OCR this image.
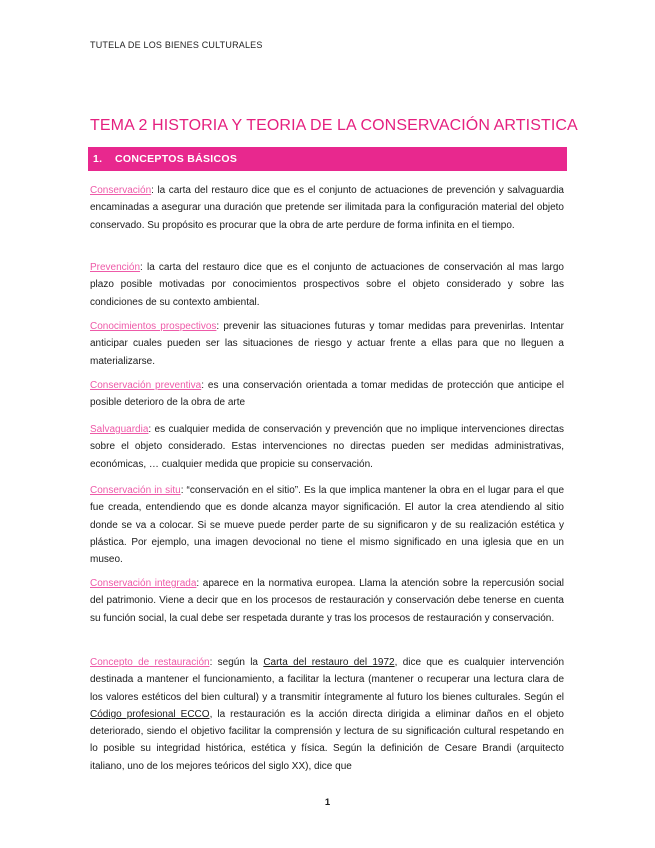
TUTELA DE LOS BIENES CULTURALES
TEMA 2 HISTORIA Y TEORIA DE LA CONSERVACIÓN ARTISTICA
1. CONCEPTOS BÁSICOS

Conservación: la carta del restauro dice que es el conjunto de actuaciones de prevención y salvaguardia encaminadas a asegurar una duración que pretende ser ilimitada para la configuración material del objeto conservado. Su propósito es procurar que la obra de arte perdure de forma infinita en el tiempo.

Prevención: la carta del restauro dice que es el conjunto de actuaciones de conservación al mas largo plazo posible motivadas por conocimientos prospectivos sobre el objeto considerado y sobre las condiciones de su contexto ambiental.

Conocimientos prospectivos: prevenir las situaciones futuras y tomar medidas para prevenirlas. Intentar anticipar cuales pueden ser las situaciones de riesgo y actuar frente a ellas para que no lleguen a materializarse.

Conservación preventiva: es una conservación orientada a tomar medidas de protección que anticipe el posible deterioro de la obra de arte

Salvaguardia: es cualquier medida de conservación y prevención que no implique intervenciones directas sobre el objeto considerado. Estas intervenciones no directas pueden ser medidas administrativas, económicas, … cualquier medida que propicie su conservación.

Conservación in situ: “conservación en el sitio”. Es la que implica mantener la obra en el lugar para el que fue creada, entendiendo que es donde alcanza mayor significación. El autor la crea atendiendo al sitio donde se va a colocar. Si se mueve puede perder parte de su significaron y de su realización estética y plástica. Por ejemplo, una imagen devocional no tiene el mismo significado en una iglesia que en un museo.

Conservación integrada: aparece en la normativa europea. Llama la atención sobre la repercusión social del patrimonio. Viene a decir que en los procesos de restauración y conservación debe tenerse en cuenta su función social, la cual debe ser respetada durante y tras los procesos de restauración y conservación.

Concepto de restauración: según la Carta del restauro del 1972, dice que es cualquier intervención destinada a mantener el funcionamiento, a facilitar la lectura (mantener o recuperar una lectura clara de los valores estéticos del bien cultural) y a transmitir íntegramente al futuro los bienes culturales. Según el Código profesional ECCO, la restauración es la acción directa dirigida a eliminar daños en el objeto deteriorado, siendo el objetivo facilitar la comprensión y lectura de su significación cultural respetando en lo posible su integridad histórica, estética y física. Según la definición de Cesare Brandi (arquitecto italiano, uno de los mejores teóricos del siglo XX), dice que

1
